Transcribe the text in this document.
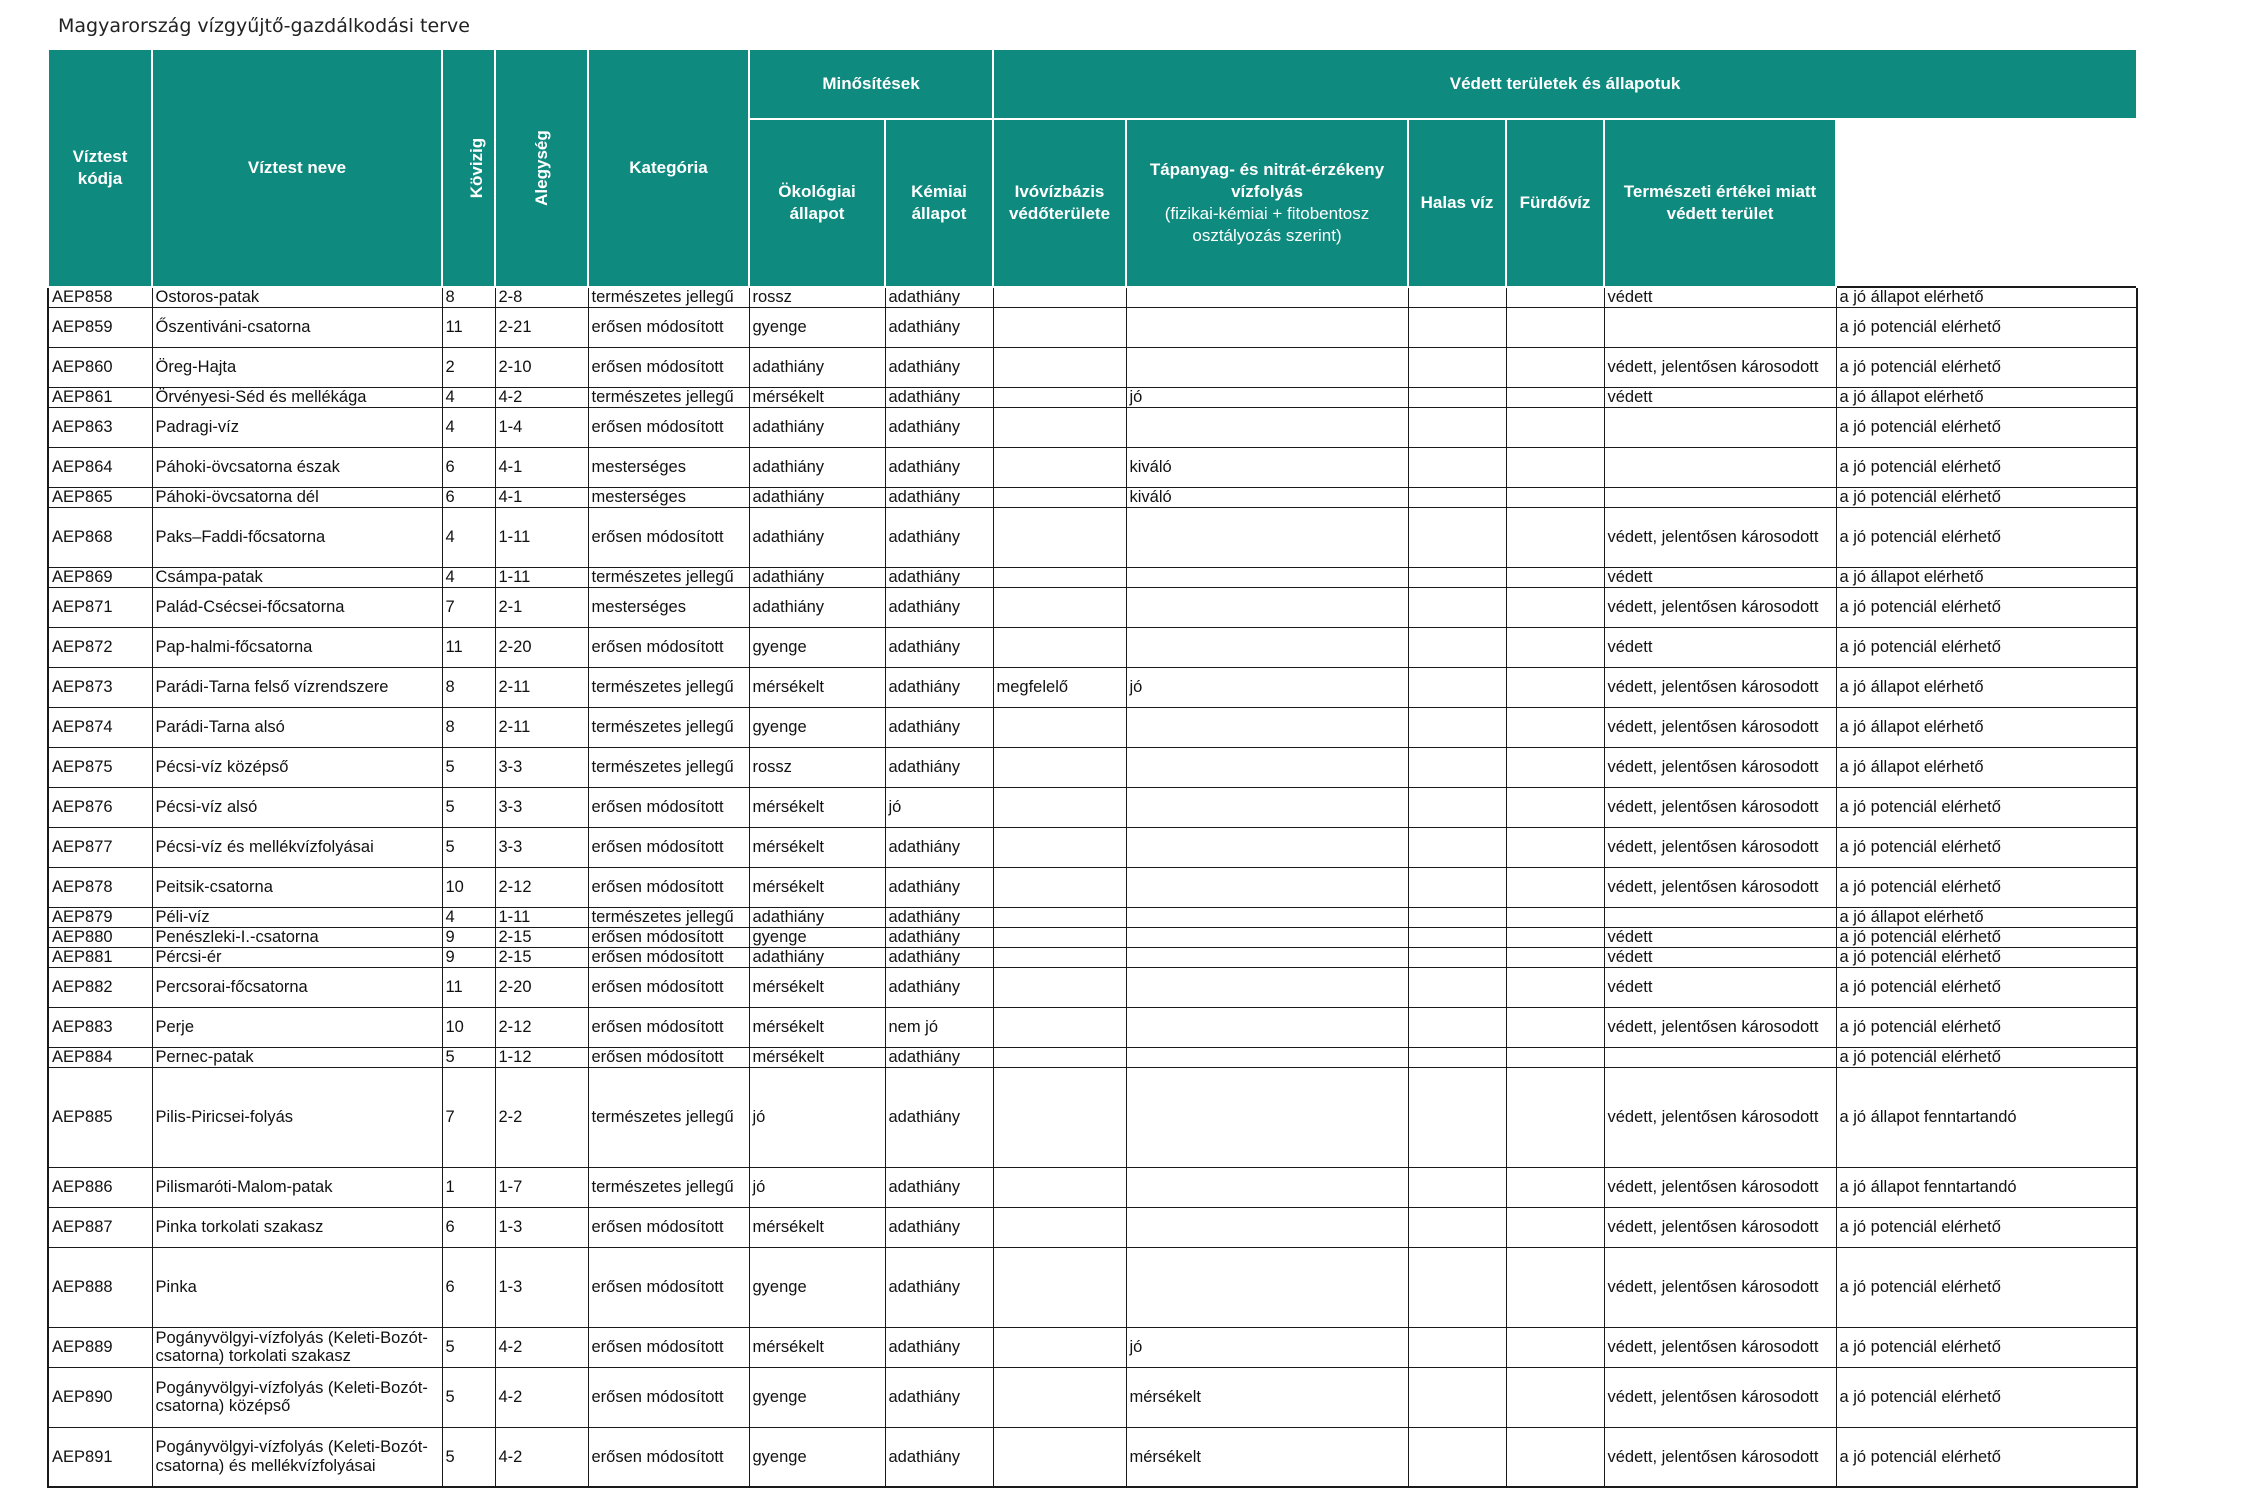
Magyarország vízgyűjtő-gazdálkodási terve
Víztest kódja	Víztest neve	Kövizig	Alegység	Kategória	Minősítések		Védett területek és állapotuk						Víztestekre vonatkozó környezeti célkitűzések
					Ökológiai állapot	Kémiai állapot	Ivóvízbázis védőterülete	Tápanyag- és nitrát-érzékeny vízfolyás
(fizikai-kémiai + fitobentosz osztályozás szerint)	Halas víz	Fürdővíz	Természeti értékei miatt védett terület		
AEP858	Ostoros-patak	8	2-8	természetes jellegű	rossz	adathiány					védett	a jó állapot elérhető	
AEP859	Őszentiváni-csatorna	11	2-21	erősen módosított	gyenge	adathiány						a jó potenciál elérhető	
AEP860	Öreg-Hajta	2	2-10	erősen módosított	adathiány	adathiány					védett, jelentősen károsodott	a jó potenciál elérhető	
AEP861	Örvényesi-Séd és mellékága	4	4-2	természetes jellegű	mérsékelt	adathiány		jó			védett	a jó állapot elérhető	
AEP863	Padragi-víz	4	1-4	erősen módosított	adathiány	adathiány						a jó potenciál elérhető	
AEP864	Páhoki-övcsatorna észak	6	4-1	mesterséges	adathiány	adathiány		kiváló				a jó potenciál elérhető	
AEP865	Páhoki-övcsatorna dél	6	4-1	mesterséges	adathiány	adathiány		kiváló				a jó potenciál elérhető	
AEP868	Paks–Faddi-főcsatorna	4	1-11	erősen módosított	adathiány	adathiány					védett, jelentősen károsodott	a jó potenciál elérhető	
AEP869	Csámpa-patak	4	1-11	természetes jellegű	adathiány	adathiány					védett	a jó állapot elérhető	
AEP871	Palád-Csécsei-főcsatorna	7	2-1	mesterséges	adathiány	adathiány					védett, jelentősen károsodott	a jó potenciál elérhető	
AEP872	Pap-halmi-főcsatorna	11	2-20	erősen módosított	gyenge	adathiány					védett	a jó potenciál elérhető	
AEP873	Parádi-Tarna felső vízrendszere	8	2-11	természetes jellegű	mérsékelt	adathiány	megfelelő	jó			védett, jelentősen károsodott	a jó állapot elérhető	
AEP874	Parádi-Tarna alsó	8	2-11	természetes jellegű	gyenge	adathiány					védett, jelentősen károsodott	a jó állapot elérhető	
AEP875	Pécsi-víz középső	5	3-3	természetes jellegű	rossz	adathiány					védett, jelentősen károsodott	a jó állapot elérhető	
AEP876	Pécsi-víz alsó	5	3-3	erősen módosított	mérsékelt	jó					védett, jelentősen károsodott	a jó potenciál elérhető	
AEP877	Pécsi-víz és mellékvízfolyásai	5	3-3	erősen módosított	mérsékelt	adathiány					védett, jelentősen károsodott	a jó potenciál elérhető	
AEP878	Peitsik-csatorna	10	2-12	erősen módosított	mérsékelt	adathiány					védett, jelentősen károsodott	a jó potenciál elérhető	
AEP879	Péli-víz	4	1-11	természetes jellegű	adathiány	adathiány						a jó állapot elérhető	
AEP880	Penészleki-I.-csatorna	9	2-15	erősen módosított	gyenge	adathiány					védett	a jó potenciál elérhető	
AEP881	Pércsi-ér	9	2-15	erősen módosított	adathiány	adathiány					védett	a jó potenciál elérhető	
AEP882	Percsorai-főcsatorna	11	2-20	erősen módosított	mérsékelt	adathiány					védett	a jó potenciál elérhető	
AEP883	Perje	10	2-12	erősen módosított	mérsékelt	nem jó					védett, jelentősen károsodott	a jó potenciál elérhető	
AEP884	Pernec-patak	5	1-12	erősen módosított	mérsékelt	adathiány						a jó potenciál elérhető	
AEP885	Pilis-Piricsei-folyás	7	2-2	természetes jellegű	jó	adathiány					védett, jelentősen károsodott	a jó állapot fenntartandó	
AEP886	Pilismaróti-Malom-patak	1	1-7	természetes jellegű	jó	adathiány					védett, jelentősen károsodott	a jó állapot fenntartandó	
AEP887	Pinka torkolati szakasz	6	1-3	erősen módosított	mérsékelt	adathiány					védett, jelentősen károsodott	a jó potenciál elérhető	
AEP888	Pinka	6	1-3	erősen módosított	gyenge	adathiány					védett, jelentősen károsodott	a jó potenciál elérhető	
AEP889	Pogányvölgyi-vízfolyás (Keleti-Bozót-csatorna) torkolati szakasz	5	4-2	erősen módosított	mérsékelt	adathiány		jó			védett, jelentősen károsodott	a jó potenciál elérhető	
AEP890	Pogányvölgyi-vízfolyás (Keleti-Bozót-csatorna) középső	5	4-2	erősen módosított	gyenge	adathiány		mérsékelt			védett, jelentősen károsodott	a jó potenciál elérhető	
AEP891	Pogányvölgyi-vízfolyás (Keleti-Bozót-csatorna) és mellékvízfolyásai	5	4-2	erősen módosított	gyenge	adathiány		mérsékelt			védett, jelentősen károsodott	a jó potenciál elérhető	
